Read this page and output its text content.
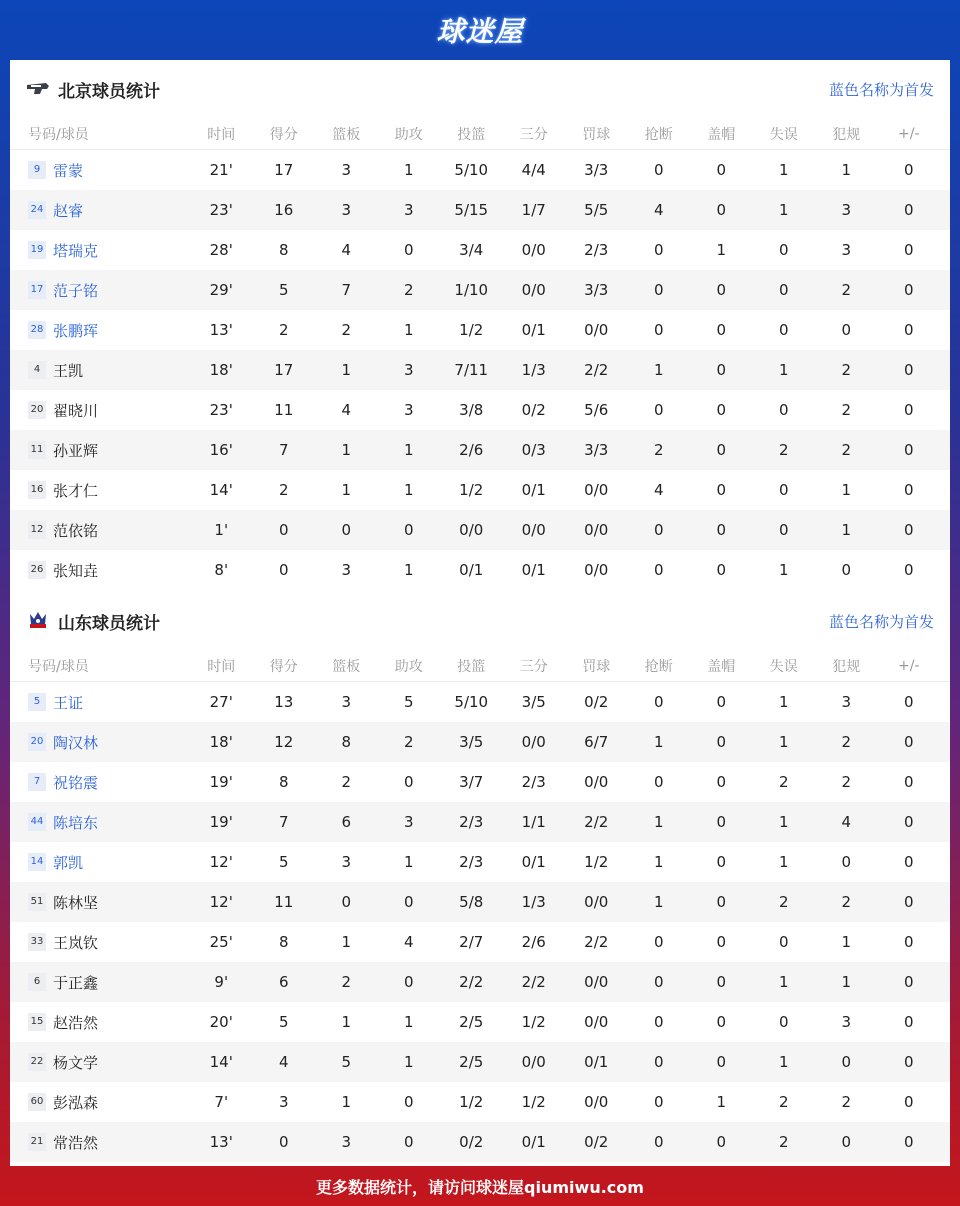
球迷屋
北京球员统计	蓝色名称为首发
号码/球员	时间	得分	篮板	助攻	投篮	三分	罚球	抢断	盖帽	失误	犯规	+/-
9 雷蒙	21'	17	3	1	5/10	4/4	3/3	0	0	1	1	0
24 赵睿	23'	16	3	3	5/15	1/7	5/5	4	0	1	3	0
19 塔瑞克	28'	8	4	0	3/4	0/0	2/3	0	1	0	3	0
17 范子铭	29'	5	7	2	1/10	0/0	3/3	0	0	0	2	0
28 张鹏珲	13'	2	2	1	1/2	0/1	0/0	0	0	0	0	0
4 王凯	18'	17	1	3	7/11	1/3	2/2	1	0	1	2	0
20 翟晓川	23'	11	4	3	3/8	0/2	5/6	0	0	0	2	0
11 孙亚辉	16'	7	1	1	2/6	0/3	3/3	2	0	2	2	0
16 张才仁	14'	2	1	1	1/2	0/1	0/0	4	0	0	1	0
12 范依铭	1'	0	0	0	0/0	0/0	0/0	0	0	0	1	0
26 张知垚	8'	0	3	1	0/1	0/1	0/0	0	0	1	0	0
山东球员统计	蓝色名称为首发
号码/球员	时间	得分	篮板	助攻	投篮	三分	罚球	抢断	盖帽	失误	犯规	+/-
5 王证	27'	13	3	5	5/10	3/5	0/2	0	0	1	3	0
20 陶汉林	18'	12	8	2	3/5	0/0	6/7	1	0	1	2	0
7 祝铭震	19'	8	2	0	3/7	2/3	0/0	0	0	2	2	0
44 陈培东	19'	7	6	3	2/3	1/1	2/2	1	0	1	4	0
14 郭凯	12'	5	3	1	2/3	0/1	1/2	1	0	1	0	0
51 陈林坚	12'	11	0	0	5/8	1/3	0/0	1	0	2	2	0
33 王岚钦	25'	8	1	4	2/7	2/6	2/2	0	0	0	1	0
6 于正鑫	9'	6	2	0	2/2	2/2	0/0	0	0	1	1	0
15 赵浩然	20'	5	1	1	2/5	1/2	0/0	0	0	0	3	0
22 杨文学	14'	4	5	1	2/5	0/0	0/1	0	0	1	0	0
60 彭泓森	7'	3	1	0	1/2	1/2	0/0	0	1	2	2	0
21 常浩然	13'	0	3	0	0/2	0/1	0/2	0	0	2	0	0
更多数据统计，请访问球迷屋qiumiwu.com
